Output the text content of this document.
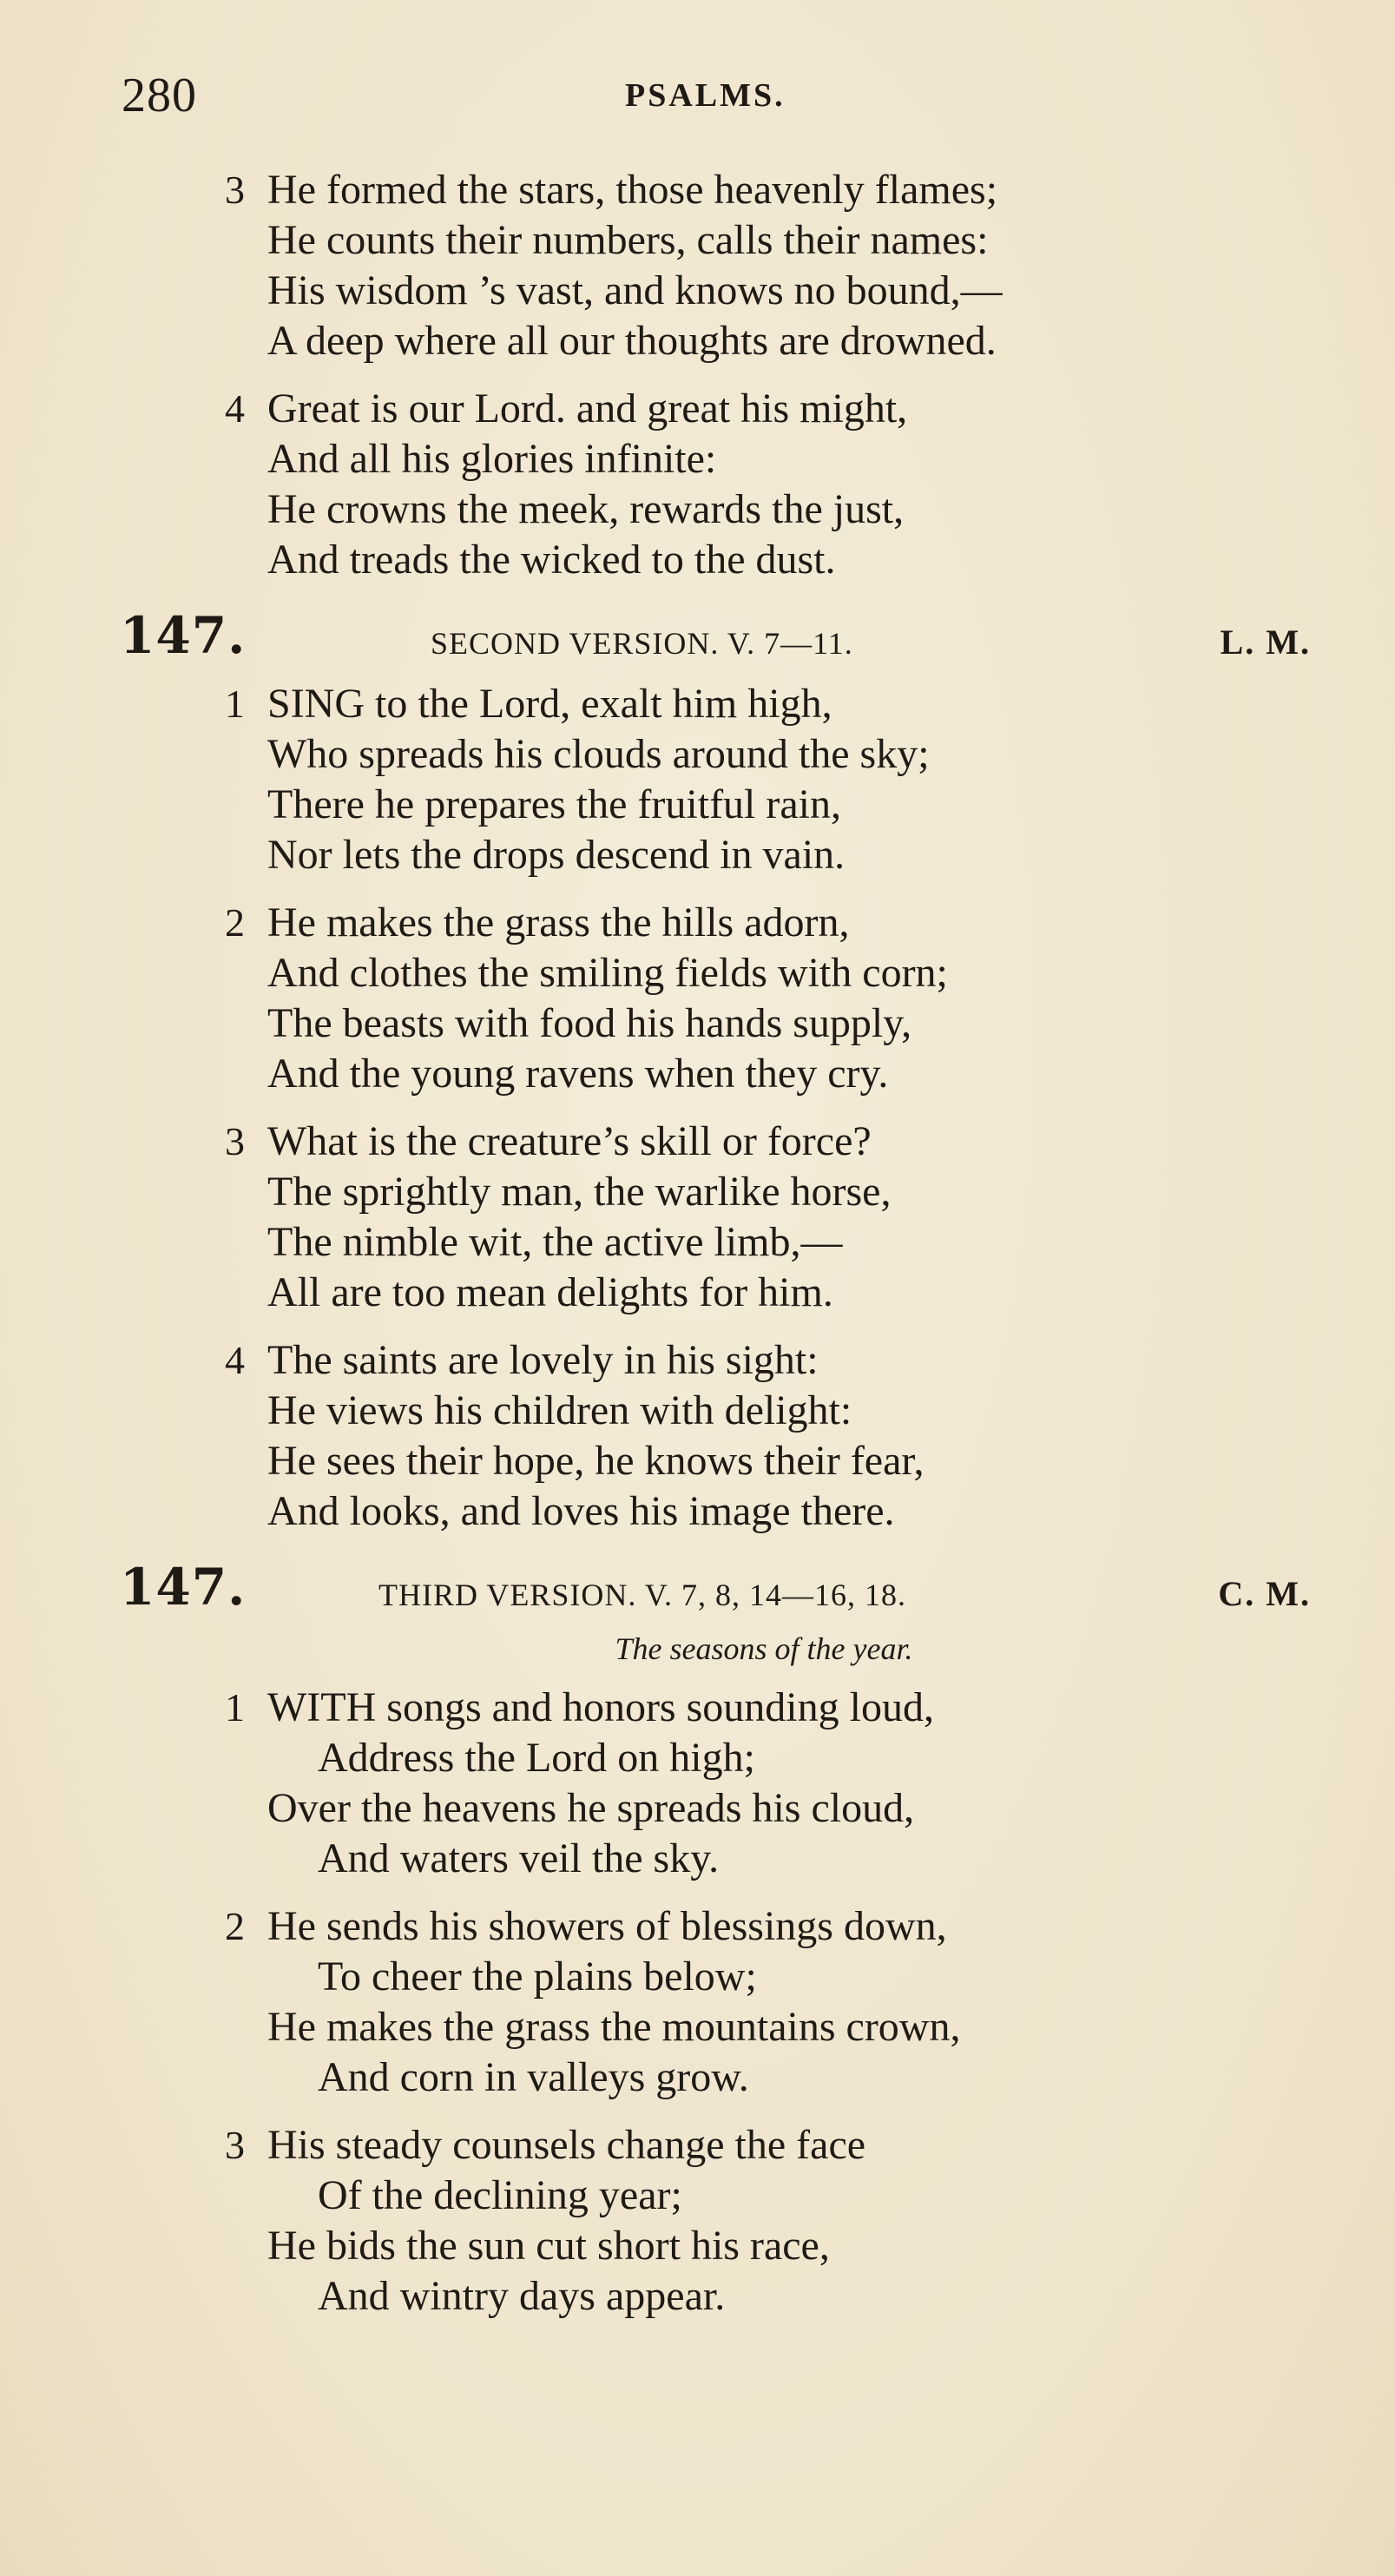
280	PSALMS.
3 He formed the stars, those heavenly flames;
He counts their numbers, calls their names:
His wisdom ’s vast, and knows no bound,—
A deep where all our thoughts are drowned.
4 Great is our Lord. and great his might,
And all his glories infinite:
He crowns the meek, rewards the just,
And treads the wicked to the dust.
147.	SECOND VERSION. V. 7—11.	L. M.
1 SING to the Lord, exalt him high,
Who spreads his clouds around the sky;
There he prepares the fruitful rain,
Nor lets the drops descend in vain.
2 He makes the grass the hills adorn,
And clothes the smiling fields with corn;
The beasts with food his hands supply,
And the young ravens when they cry.
3 What is the creature’s skill or force?
The sprightly man, the warlike horse,
The nimble wit, the active limb,—
All are too mean delights for him.
4 The saints are lovely in his sight:
He views his children with delight:
He sees their hope, he knows their fear,
And looks, and loves his image there.
147.	THIRD VERSION. V. 7, 8, 14—16, 18.	C. M.
The seasons of the year.
1 WITH songs and honors sounding loud,
Address the Lord on high;
Over the heavens he spreads his cloud,
And waters veil the sky.
2 He sends his showers of blessings down,
To cheer the plains below;
He makes the grass the mountains crown,
And corn in valleys grow.
3 His steady counsels change the face
Of the declining year;
He bids the sun cut short his race,
And wintry days appear.
